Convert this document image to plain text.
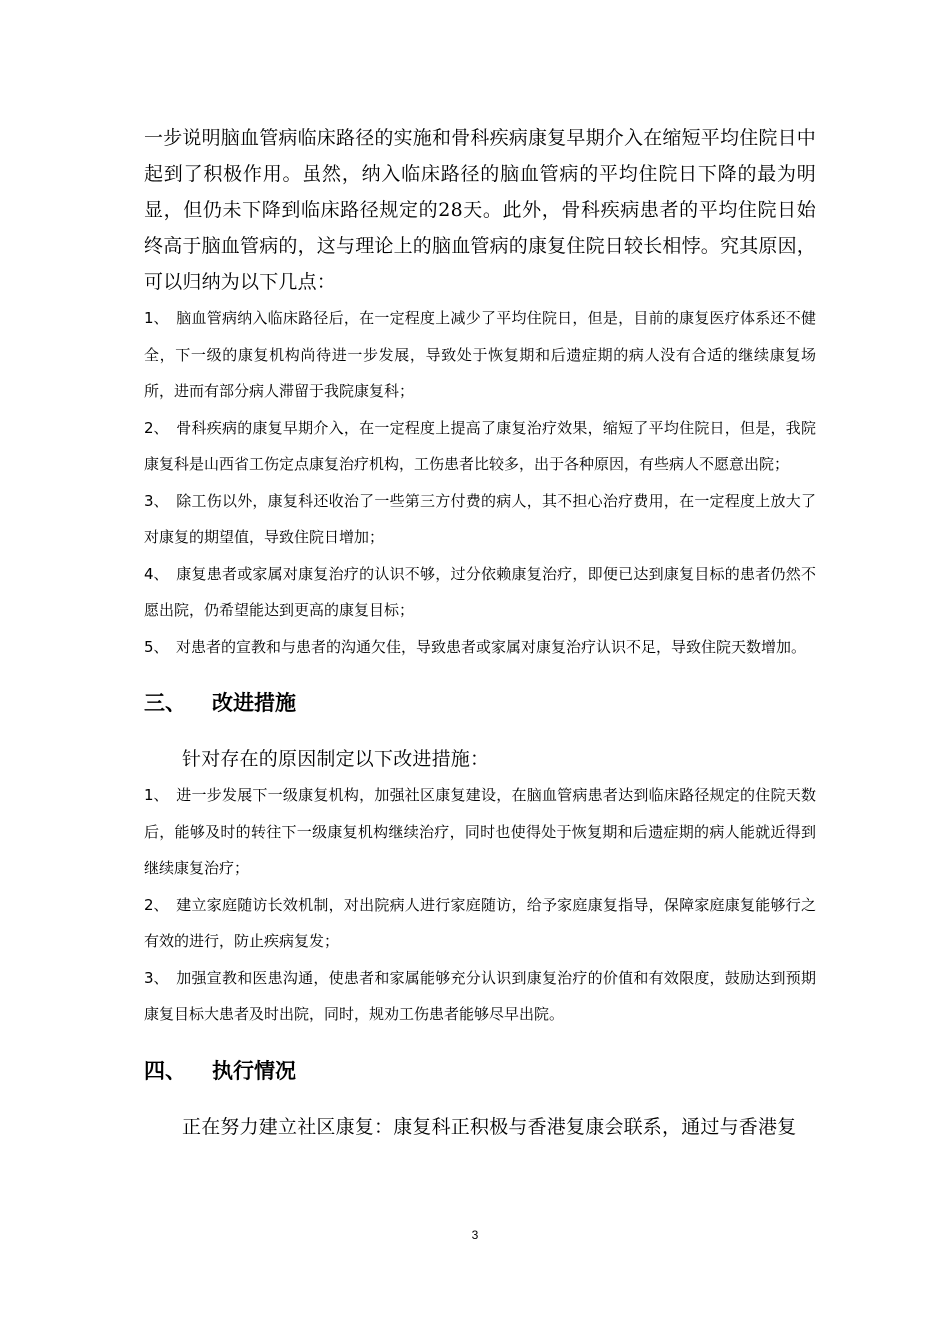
一步说明脑血管病临床路径的实施和骨科疾病康复早期介入在缩短平均住院日中起到了积极作用。虽然，纳入临床路径的脑血管病的平均住院日下降的最为明显，但仍未下降到临床路径规定的28天。此外，骨科疾病患者的平均住院日始终高于脑血管病的，这与理论上的脑血管病的康复住院日较长相悖。究其原因，可以归纳为以下几点：

1、 脑血管病纳入临床路径后，在一定程度上减少了平均住院日，但是，目前的康复医疗体系还不健全，下一级的康复机构尚待进一步发展，导致处于恢复期和后遗症期的病人没有合适的继续康复场所，进而有部分病人滞留于我院康复科；

2、 骨科疾病的康复早期介入，在一定程度上提高了康复治疗效果，缩短了平均住院日，但是，我院康复科是山西省工伤定点康复治疗机构，工伤患者比较多，出于各种原因，有些病人不愿意出院；

3、 除工伤以外，康复科还收治了一些第三方付费的病人，其不担心治疗费用，在一定程度上放大了对康复的期望值，导致住院日增加；

4、 康复患者或家属对康复治疗的认识不够，过分依赖康复治疗，即便已达到康复目标的患者仍然不愿出院，仍希望能达到更高的康复目标；

5、 对患者的宣教和与患者的沟通欠佳，导致患者或家属对康复治疗认识不足，导致住院天数增加。

三、	改进措施

针对存在的原因制定以下改进措施：

1、 进一步发展下一级康复机构，加强社区康复建设，在脑血管病患者达到临床路径规定的住院天数后，能够及时的转往下一级康复机构继续治疗，同时也使得处于恢复期和后遗症期的病人能就近得到继续康复治疗；

2、 建立家庭随访长效机制，对出院病人进行家庭随访，给予家庭康复指导，保障家庭康复能够行之有效的进行，防止疾病复发；

3、 加强宣教和医患沟通，使患者和家属能够充分认识到康复治疗的价值和有效限度，鼓励达到预期康复目标大患者及时出院，同时，规劝工伤患者能够尽早出院。

四、	执行情况

正在努力建立社区康复：康复科正积极与香港复康会联系，通过与香港复

3
